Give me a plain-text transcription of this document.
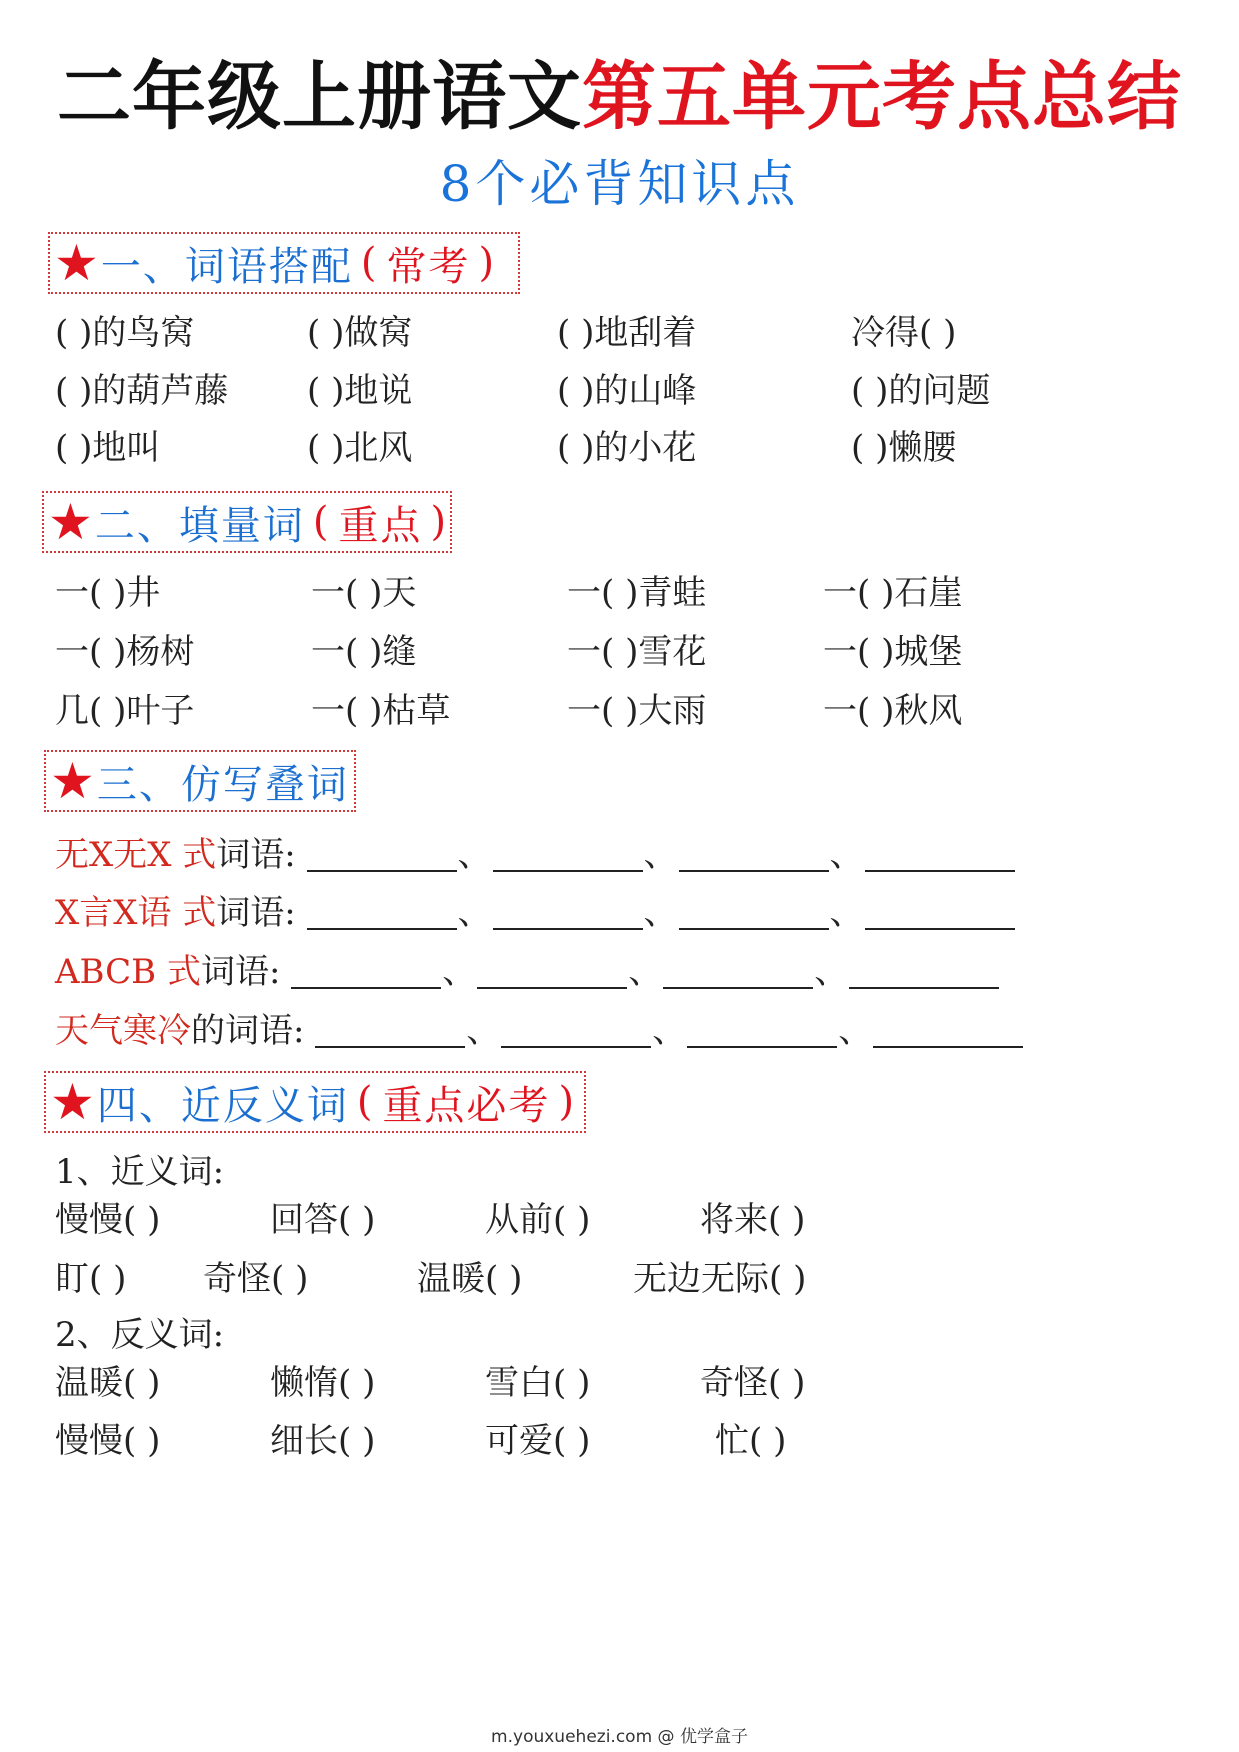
二年级上册语文第五单元考点总结
8个必背知识点
★ 一、词语搭配 ( 常考 )
( )的鸟窝	( )做窝	( )地刮着	冷得( )
( )的葫芦藤 ( )地说	( )的山峰	( )的问题
( )地叫	( )北风	( )的小花	( )懒腰
★ 二、填量词 ( 重点 )
一( )井	一( )天	一( )青蛙	一( )石崖
一( )杨树	一( )缝	一( )雪花	一( )城堡
几( )叶子	一( )枯草	一( )大雨	一( )秋风
★ 三、仿写叠词
无X无X 式词语:	、	、	、
X言X语 式词语:	、	、	、
ABCB 式词语:	、	、	、
天气寒冷的词语:	、	、	、
★ 四、近反义词 ( 重点必考 )
1、近义词:
慢慢( )	回答( )	从前( )	将来( )
盯( ) 奇怪( )	温暖( )	无边无际( )
2、反义词:
温暖( )	懒惰( )	雪白( )	奇怪( )
慢慢( )	细长( )	可爱( )	忙( )
m.youxuehezi.com @ 优学盒子
